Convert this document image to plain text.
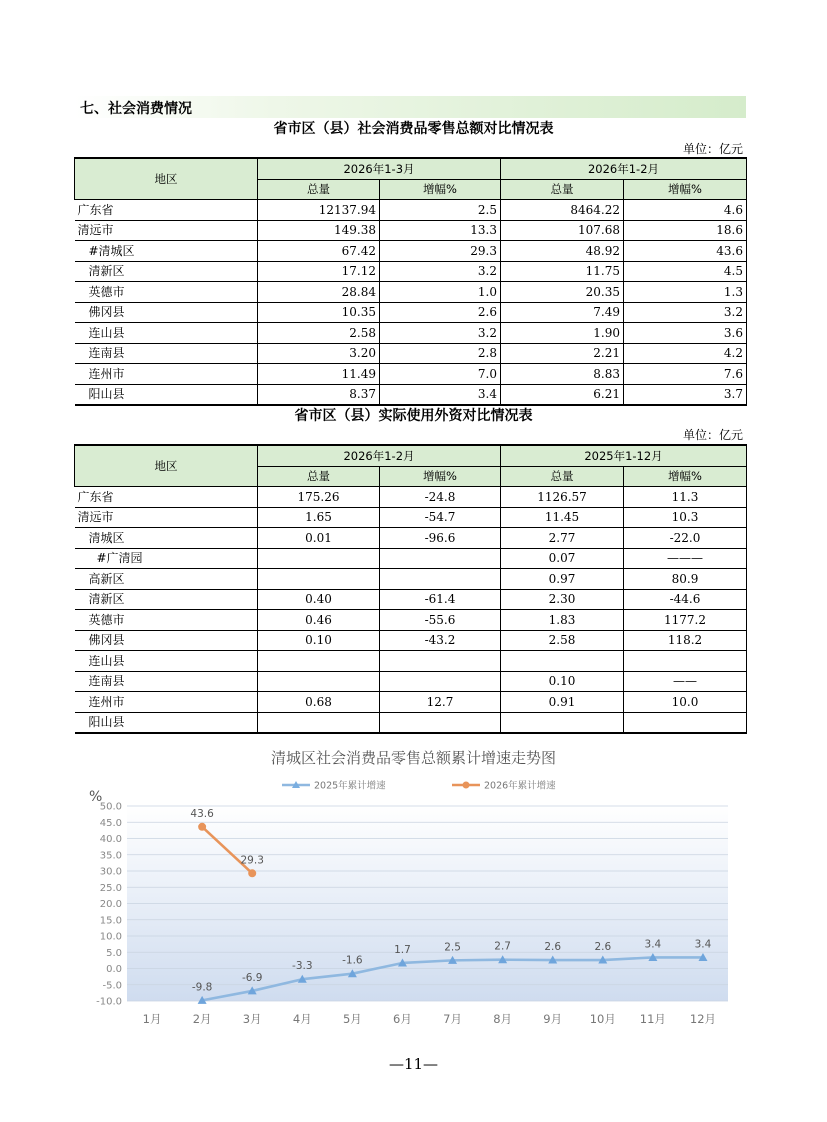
七、社会消费情况
省市区（县）社会消费品零售总额对比情况表
单位：亿元
地区	2026年1-3月		2026年1-2月	
	总量	增幅%	总量	增幅%
广东省	12137.94	2.5	8464.22	4.6
清远市	149.38	13.3	107.68	18.6
#清城区	67.42	29.3	48.92	43.6
清新区	17.12	3.2	11.75	4.5
英德市	28.84	1.0	20.35	1.3
佛冈县	10.35	2.6	7.49	3.2
连山县	2.58	3.2	1.90	3.6
连南县	3.20	2.8	2.21	4.2
连州市	11.49	7.0	8.83	7.6
阳山县	8.37	3.4	6.21	3.7
省市区（县）实际使用外资对比情况表
单位：亿元
地区	2026年1-2月		2025年1-12月	
	总量	增幅%	总量	增幅%
广东省	175.26	-24.8	1126.57	11.3
清远市	1.65	-54.7	11.45	10.3
清城区	0.01	-96.6	2.77	-22.0
#广清园			0.07	———
高新区			0.97	80.9
清新区	0.40	-61.4	2.30	-44.6
英德市	0.46	-55.6	1.83	1177.2
佛冈县	0.10	-43.2	2.58	118.2
连山县				
连南县			0.10	——
连州市	0.68	12.7	0.91	10.0
阳山县				
清城区社会消费品零售总额累计增速走势图
50.0
45.0
40.0
35.0
30.0
25.0
20.0
15.0
10.0
5.0
0.0
-5.0
-10.0
%
1月	2月	3月	4月	5月	6月	7月	8月	9月 10月 11月 12月
2025年累计增速	2026年累计增速
-9.8
-6.9
-3.3	-1.6
1.7	2.5	2.7	2.6	2.6	3.4	3.4
43.6
29.3
—11—
